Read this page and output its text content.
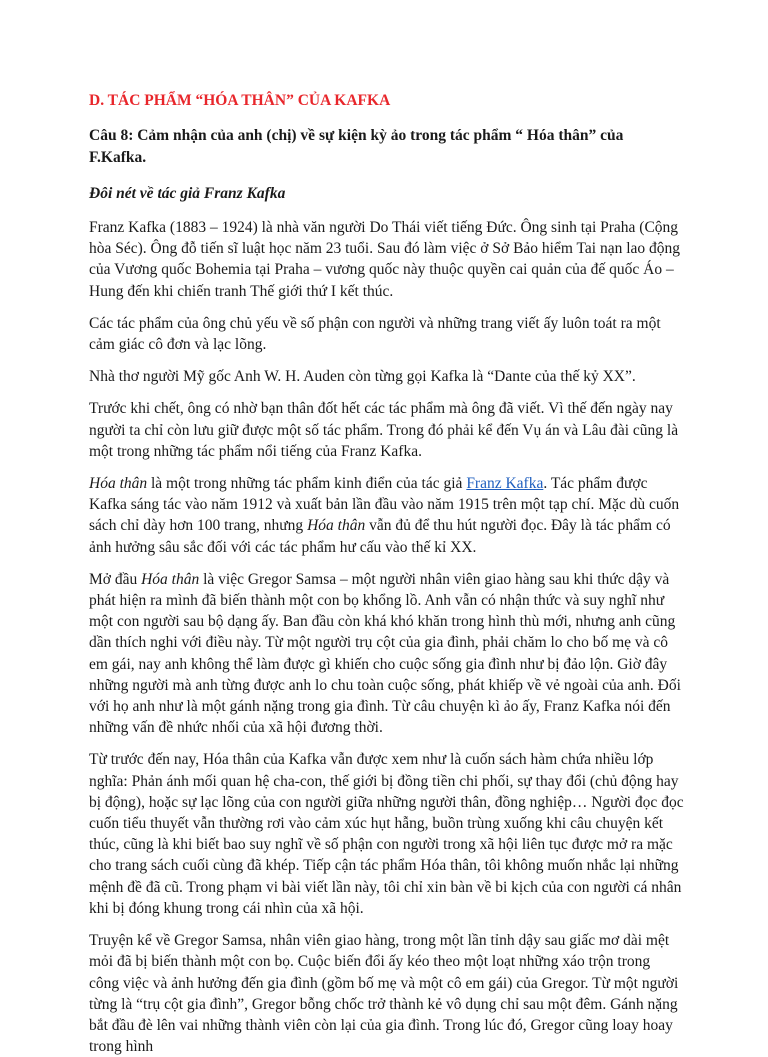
D. TÁC PHẨM “HÓA THÂN” CỦA KAFKA
Câu 8: Cảm nhận của anh (chị) về sự kiện kỳ ảo trong tác phẩm “ Hóa thân” của F.Kafka.
Đôi nét về tác giả Franz Kafka

Franz Kafka (1883 – 1924) là nhà văn người Do Thái viết tiếng Đức. Ông sinh tại Praha (Cộng hòa Séc). Ông đỗ tiến sĩ luật học năm 23 tuổi. Sau đó làm việc ở Sở Bảo hiểm Tai nạn lao động của Vương quốc Bohemia tại Praha – vương quốc này thuộc quyền cai quản của đế quốc Áo – Hung đến khi chiến tranh Thế giới thứ I kết thúc.

Các tác phẩm của ông chủ yếu về số phận con người và những trang viết ấy luôn toát ra một cảm giác cô đơn và lạc lõng.

Nhà thơ người Mỹ gốc Anh W. H. Auden còn từng gọi Kafka là “Dante của thế kỷ XX”.

Trước khi chết, ông có nhờ bạn thân đốt hết các tác phẩm mà ông đã viết. Vì thế đến ngày nay người ta chỉ còn lưu giữ được một số tác phẩm. Trong đó phải kể đến Vụ án và Lâu đài cũng là một trong những tác phẩm nổi tiếng của Franz Kafka.

Hóa thân là một trong những tác phẩm kinh điển của tác giả Franz Kafka. Tác phẩm được Kafka sáng tác vào năm 1912 và xuất bản lần đầu vào năm 1915 trên một tạp chí. Mặc dù cuốn sách chỉ dày hơn 100 trang, nhưng Hóa thân vẫn đủ để thu hút người đọc. Đây là tác phẩm có ảnh hưởng sâu sắc đối với các tác phẩm hư cấu vào thế kỉ XX.

Mở đầu Hóa thân là việc Gregor Samsa – một người nhân viên giao hàng sau khi thức dậy và phát hiện ra mình đã biến thành một con bọ khổng lồ. Anh vẫn có nhận thức và suy nghĩ như một con người sau bộ dạng ấy. Ban đầu còn khá khó khăn trong hình thù mới, nhưng anh cũng dần thích nghi với điều này. Từ một người trụ cột của gia đình, phải chăm lo cho bố mẹ và cô em gái, nay anh không thể làm được gì khiến cho cuộc sống gia đình như bị đảo lộn. Giờ đây những người mà anh từng được anh lo chu toàn cuộc sống, phát khiếp về vẻ ngoài của anh. Đối với họ anh như là một gánh nặng trong gia đình. Từ câu chuyện kì ảo ấy, Franz Kafka nói đến những vấn đề nhức nhối của xã hội đương thời.

Từ trước đến nay, Hóa thân của Kafka vẫn được xem như là cuốn sách hàm chứa nhiều lớp nghĩa: Phản ánh mối quan hệ cha-con, thế giới bị đồng tiền chi phối, sự thay đổi (chủ động hay bị động), hoặc sự lạc lõng của con người giữa những người thân, đồng nghiệp… Người đọc đọc cuốn tiểu thuyết vẫn thường rơi vào cảm xúc hụt hẫng, buồn trùng xuống khi câu chuyện kết thúc, cũng là khi biết bao suy nghĩ về số phận con người trong xã hội liên tục được mở ra mặc cho trang sách cuối cùng đã khép. Tiếp cận tác phẩm Hóa thân, tôi không muốn nhắc lại những mệnh đề đã cũ. Trong phạm vi bài viết lần này, tôi chỉ xin bàn về bi kịch của con người cá nhân khi bị đóng khung trong cái nhìn của xã hội.

Truyện kể về Gregor Samsa, nhân viên giao hàng, trong một lần tỉnh dậy sau giấc mơ dài mệt mỏi đã bị biến thành một con bọ. Cuộc biến đổi ấy kéo theo một loạt những xáo trộn trong công việc và ảnh hưởng đến gia đình (gồm bố mẹ và một cô em gái) của Gregor. Từ một người từng là “trụ cột gia đình”, Gregor bỗng chốc trở thành kẻ vô dụng chỉ sau một đêm. Gánh nặng bắt đầu đè lên vai những thành viên còn lại của gia đình. Trong lúc đó, Gregor cũng loay hoay trong hình
